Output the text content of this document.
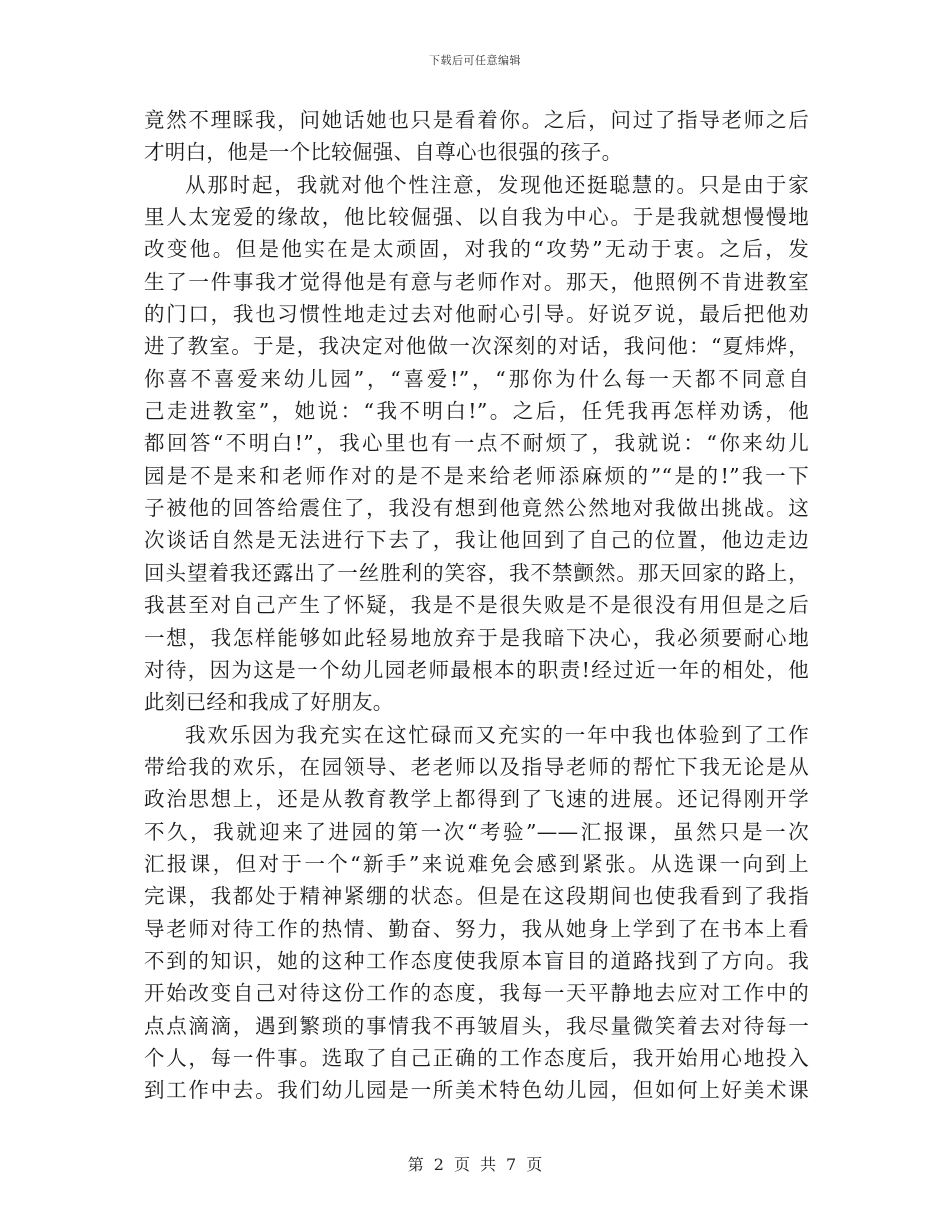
下载后可任意编辑
竟然不理睬我，问她话她也只是看着你。之后，问过了指导老师之后
才明白，他是一个比较倔强、自尊心也很强的孩子。
从那时起，我就对他个性注意，发现他还挺聪慧的。只是由于家
里人太宠爱的缘故，他比较倔强、以自我为中心。于是我就想慢慢地
改变他。但是他实在是太顽固，对我的“攻势”无动于衷。之后，发
生了一件事我才觉得他是有意与老师作对。那天，他照例不肯进教室
的门口，我也习惯性地走过去对他耐心引导。好说歹说，最后把他劝
进了教室。于是，我决定对他做一次深刻的对话，我问他：“夏炜烨，
你喜不喜爱来幼儿园”，“喜爱!”，“那你为什么每一天都不同意自
己走进教室”，她说：“我不明白!”。之后，任凭我再怎样劝诱，他
都回答“不明白!”，我心里也有一点不耐烦了，我就说：“你来幼儿
园是不是来和老师作对的是不是来给老师添麻烦的”“是的!”我一下
子被他的回答给震住了，我没有想到他竟然公然地对我做出挑战。这
次谈话自然是无法进行下去了，我让他回到了自己的位置，他边走边
回头望着我还露出了一丝胜利的笑容，我不禁颤然。那天回家的路上，
我甚至对自己产生了怀疑，我是不是很失败是不是很没有用但是之后
一想，我怎样能够如此轻易地放弃于是我暗下决心，我必须要耐心地
对待，因为这是一个幼儿园老师最根本的职责!经过近一年的相处，他
此刻已经和我成了好朋友。
我欢乐因为我充实在这忙碌而又充实的一年中我也体验到了工作
带给我的欢乐，在园领导、老老师以及指导老师的帮忙下我无论是从
政治思想上，还是从教育教学上都得到了飞速的进展。还记得刚开学
不久，我就迎来了进园的第一次“考验”——汇报课，虽然只是一次
汇报课，但对于一个“新手”来说难免会感到紧张。从选课一向到上
完课，我都处于精神紧绷的状态。但是在这段期间也使我看到了我指
导老师对待工作的热情、勤奋、努力，我从她身上学到了在书本上看
不到的知识，她的这种工作态度使我原本盲目的道路找到了方向。我
开始改变自己对待这份工作的态度，我每一天平静地去应对工作中的
点点滴滴，遇到繁琐的事情我不再皱眉头，我尽量微笑着去对待每一
个人，每一件事。选取了自己正确的工作态度后，我开始用心地投入
到工作中去。我们幼儿园是一所美术特色幼儿园，但如何上好美术课
第 2 页 共 7 页
